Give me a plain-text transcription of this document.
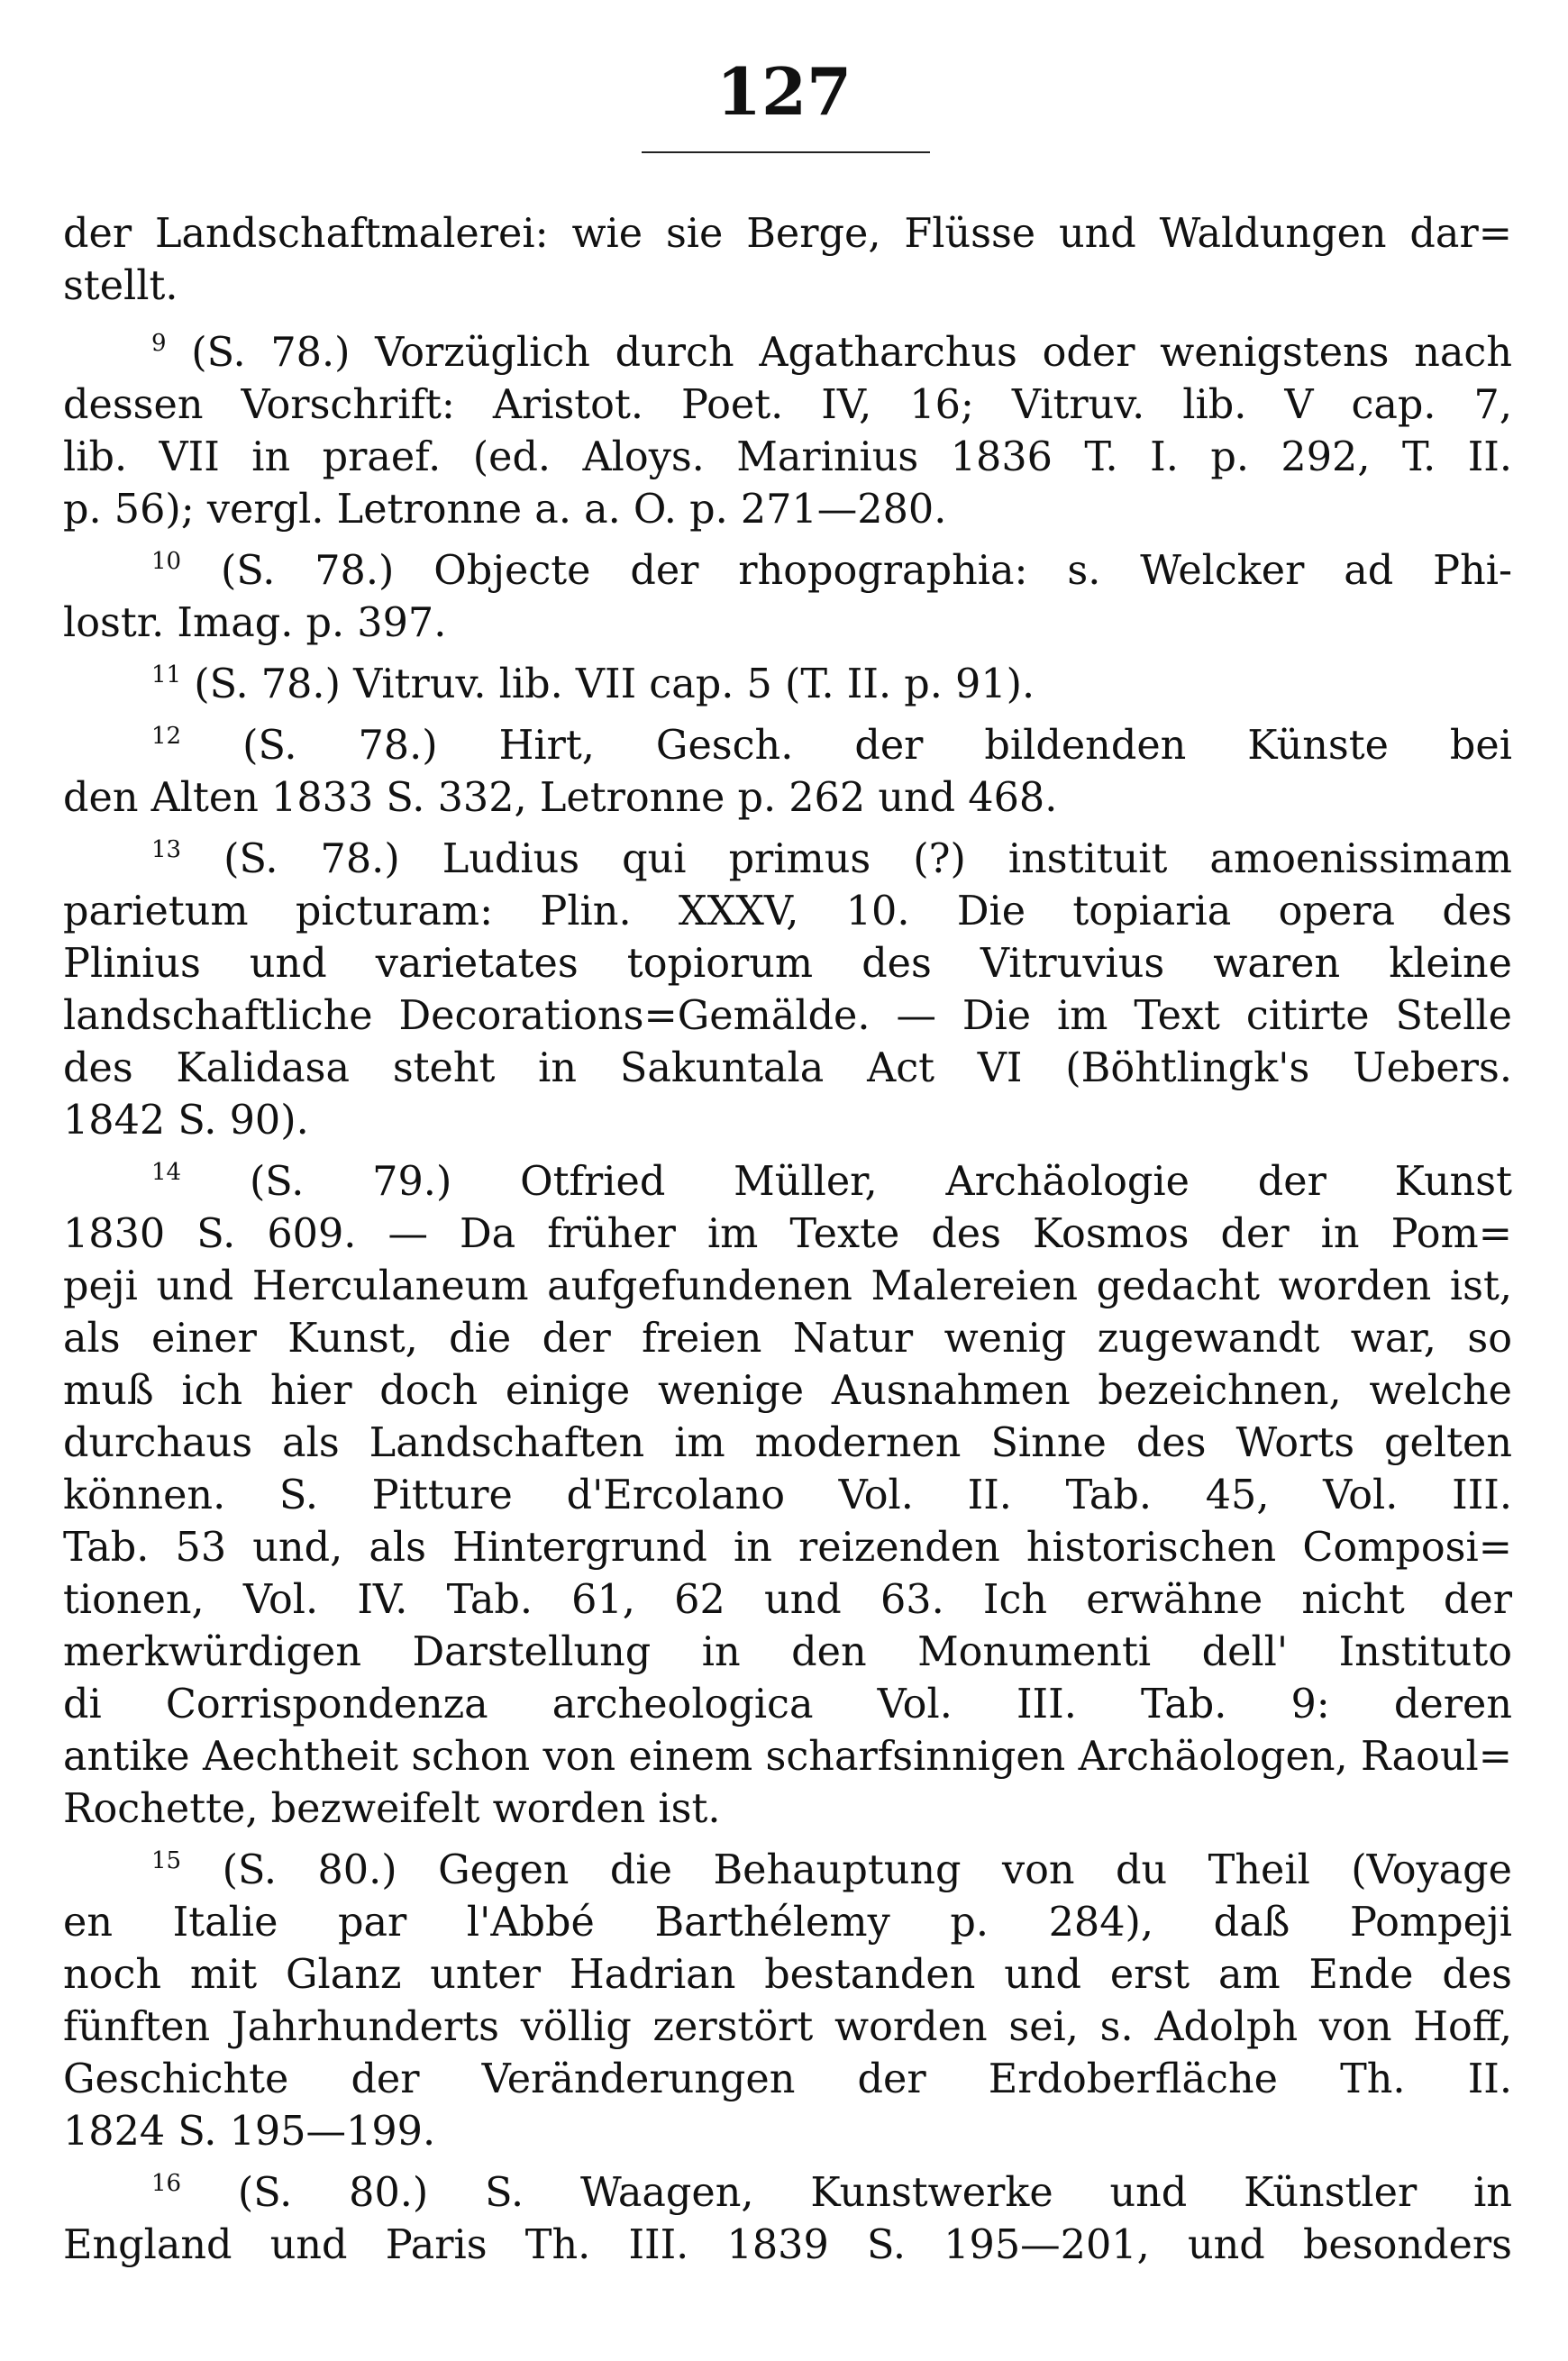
127
der Landschaftmalerei: wie sie Berge, Flüsse und Waldungen dar=
stellt.
$^9$ (S. 78.) Vorzüglich durch Agatharchus oder wenigstens nach
dessen Vorschrift: Aristot. Poet. IV, 16; Vitruv. lib. V cap. 7,
lib. VII in praef. (ed. Aloys. Marinius 1836 T. I. p. 292, T. II.
p. 56); vergl. Letronne a. a. O. p. 271—280.
$^{10}$ (S. 78.) Objecte der rhopographia: s. Welcker ad Phi-
lostr. Imag. p. 397.
$^{11}$ (S. 78.) Vitruv. lib. VII cap. 5 (T. II. p. 91).
$^{12}$ (S. 78.) Hirt, Gesch. der bildenden Künste bei
den Alten 1833 S. 332, Letronne p. 262 und 468.
$^{13}$ (S. 78.) Ludius qui primus (?) instituit amoenissimam
parietum picturam: Plin. XXXV, 10. Die topiaria opera des
Plinius und varietates topiorum des Vitruvius waren kleine
landschaftliche Decorations=Gemälde. — Die im Text citirte Stelle
des Kalidasa steht in Sakuntala Act VI (Böhtlingk's Uebers.
1842 S. 90).
$^{14}$ (S. 79.) Otfried Müller, Archäologie der Kunst
1830 S. 609. — Da früher im Texte des Kosmos der in Pom=
peji und Herculaneum aufgefundenen Malereien gedacht worden ist,
als einer Kunst, die der freien Natur wenig zugewandt war, so
muß ich hier doch einige wenige Ausnahmen bezeichnen, welche
durchaus als Landschaften im modernen Sinne des Worts gelten
können. S. Pitture d'Ercolano Vol. II. Tab. 45, Vol. III.
Tab. 53 und, als Hintergrund in reizenden historischen Composi=
tionen, Vol. IV. Tab. 61, 62 und 63. Ich erwähne nicht der
merkwürdigen Darstellung in den Monumenti dell' Instituto
di Corrispondenza archeologica Vol. III. Tab. 9: deren
antike Aechtheit schon von einem scharfsinnigen Archäologen, Raoul=
Rochette, bezweifelt worden ist.
$^{15}$ (S. 80.) Gegen die Behauptung von du Theil (Voyage
en Italie par l'Abbé Barthélemy p. 284), daß Pompeji
noch mit Glanz unter Hadrian bestanden und erst am Ende des
fünften Jahrhunderts völlig zerstört worden sei, s. Adolph von Hoff,
Geschichte der Veränderungen der Erdoberfläche Th. II.
1824 S. 195—199.
$^{16}$ (S. 80.) S. Waagen, Kunstwerke und Künstler in
England und Paris Th. III. 1839 S. 195—201, und besonders
